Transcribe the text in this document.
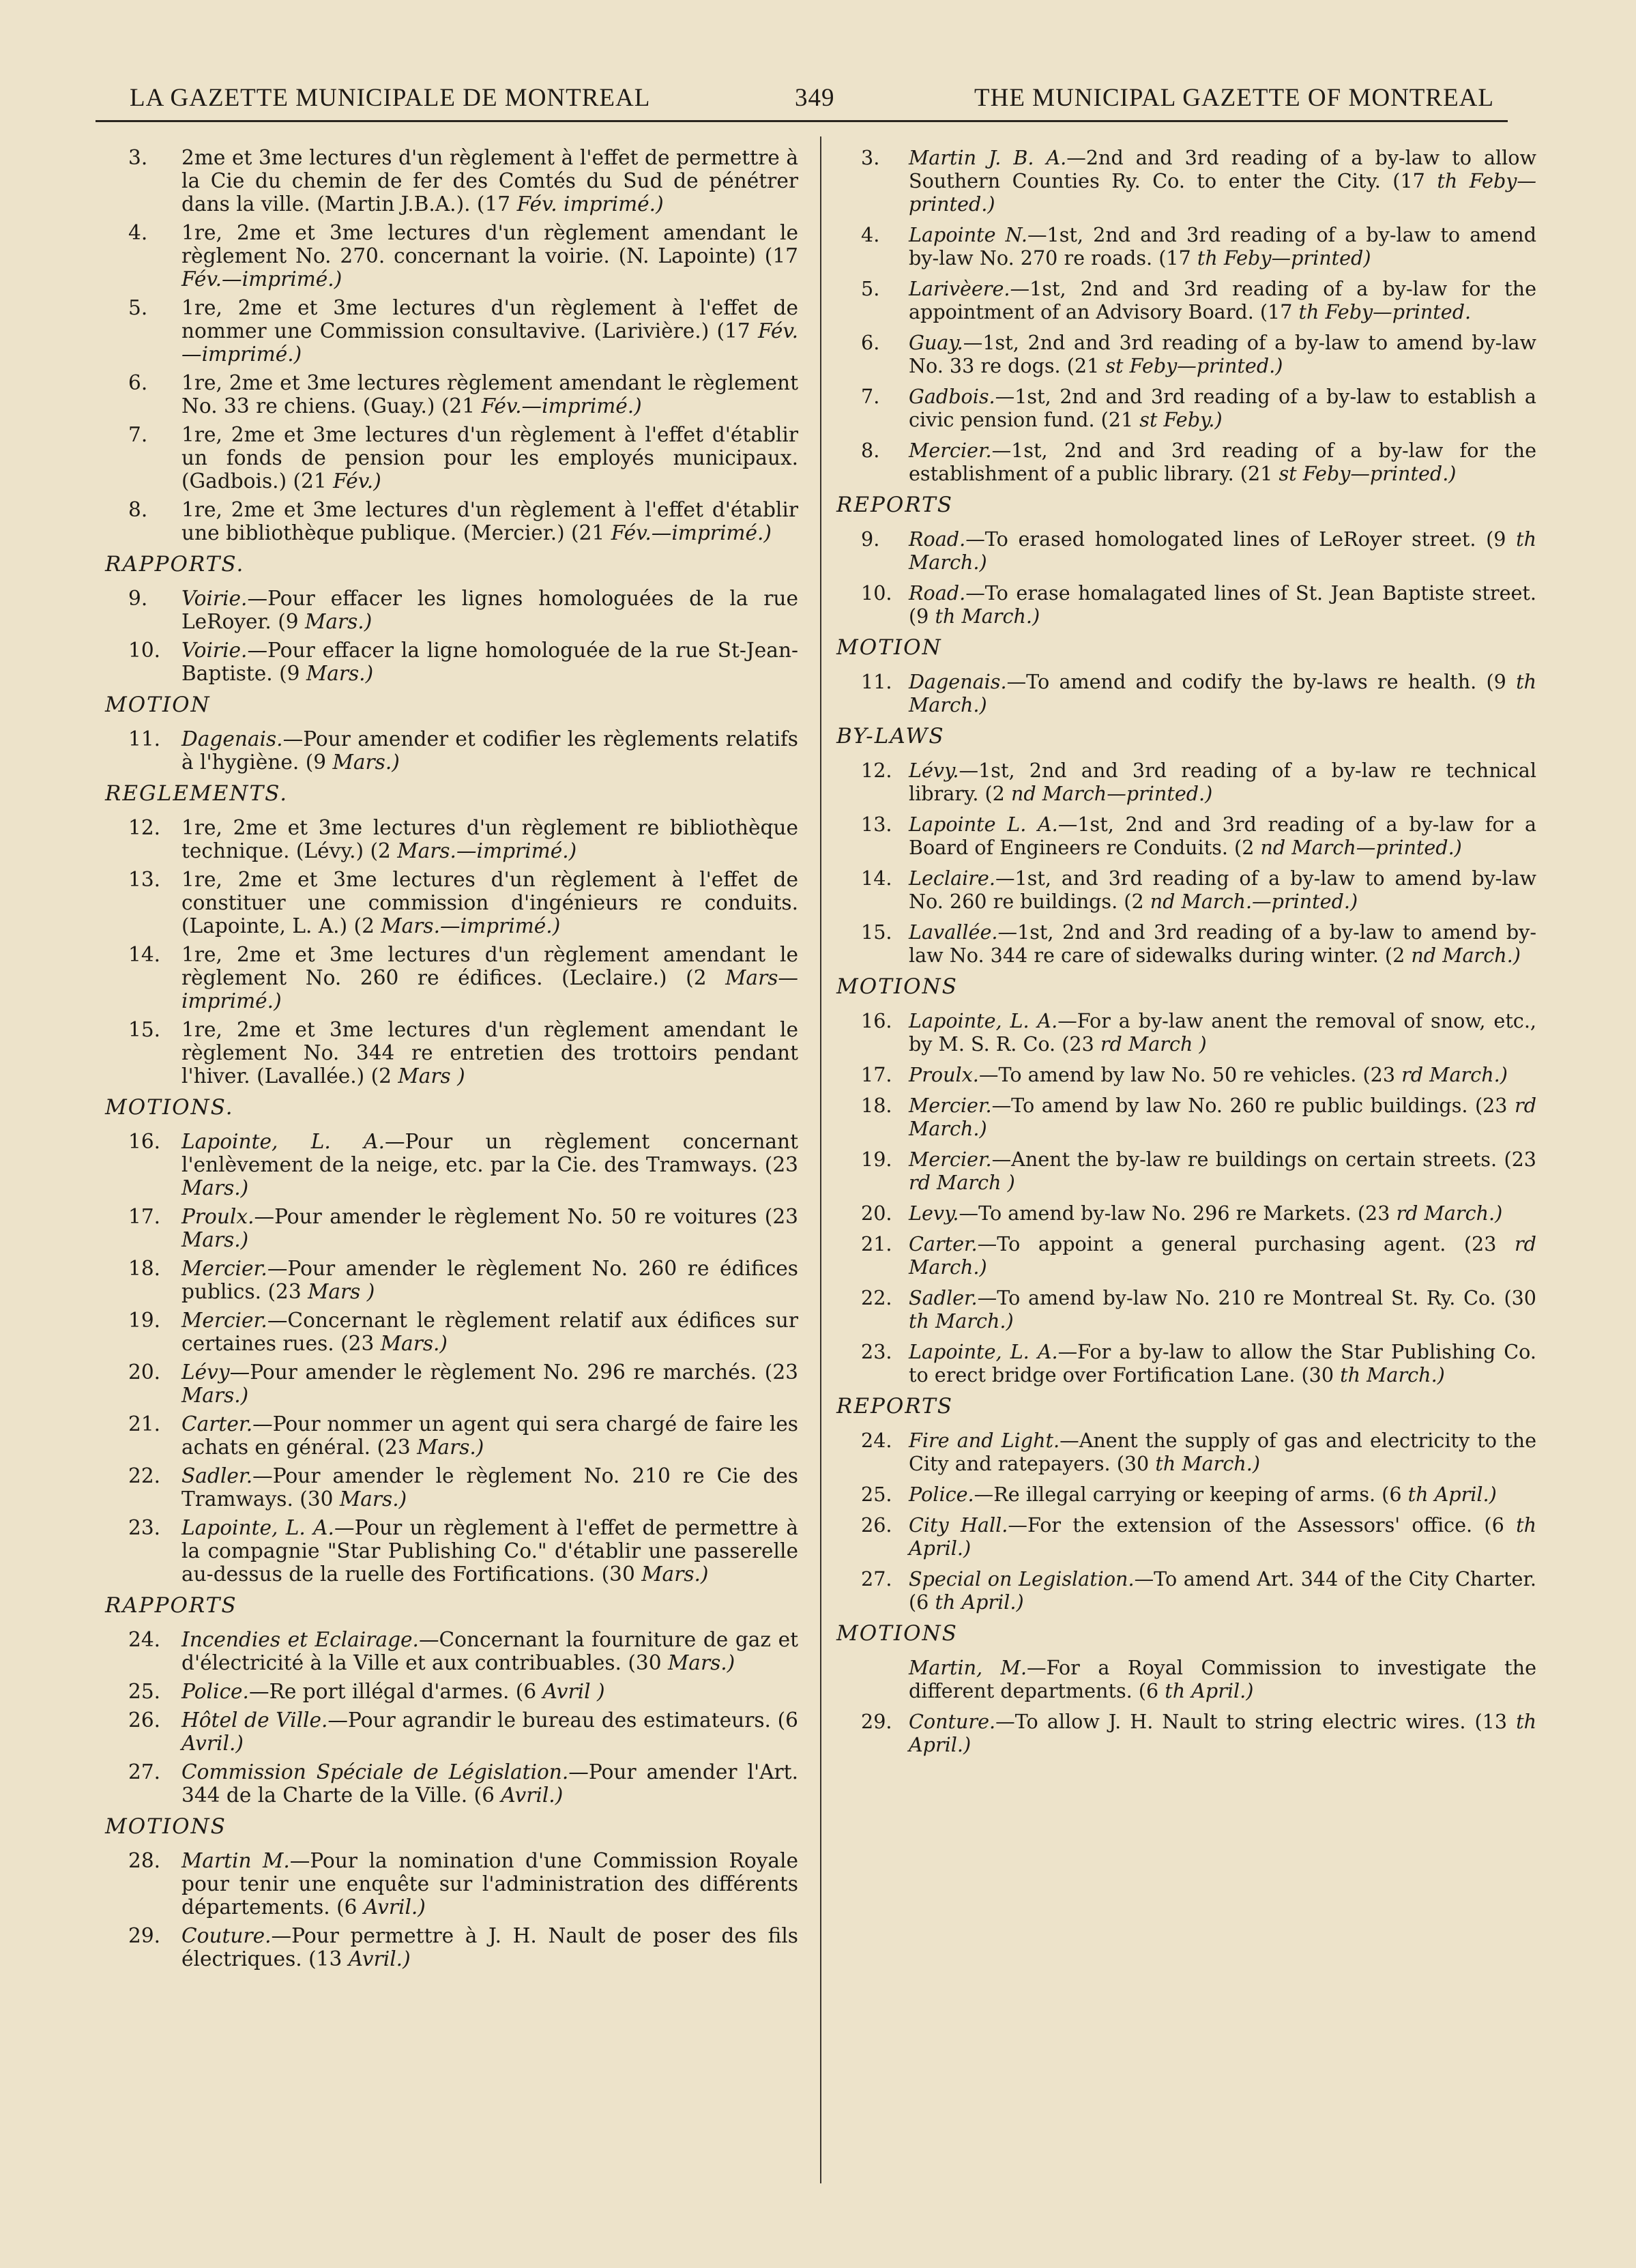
LA GAZETTE MUNICIPALE DE MONTREAL	349	THE MUNICIPAL GAZETTE OF MONTREAL
3. 2me et 3me lectures d'un règlement à l'effet de permettre à la Cie du chemin de fer des Comtés du Sud de pénétrer dans la ville. (Martin J.B.A.). (17 Fév. imprimé.)
4. 1re, 2me et 3me lectures d'un règlement amendant le règlement No. 270. concernant la voirie. (N. Lapointe) (17 Fév.—imprimé.)
5. 1re, 2me et 3me lectures d'un règlement à l'effet de nommer une Commission consultavive. (Larivière.) (17 Fév.—imprimé.)
6. 1re, 2me et 3me lectures règlement amendant le règlement No. 33 re chiens. (Guay.) (21 Fév.—imprimé.)
7. 1re, 2me et 3me lectures d'un règlement à l'effet d'établir un fonds de pension pour les employés municipaux. (Gadbois.) (21 Fév.)
8. 1re, 2me et 3me lectures d'un règlement à l'effet d'établir une bibliothèque publique. (Mercier.) (21 Fév.—imprimé.)
RAPPORTS.
9. Voirie.—Pour effacer les lignes homologuées de la rue LeRoyer. (9 Mars.)
10. Voirie.—Pour effacer la ligne homologuée de la rue St-Jean-Baptiste. (9 Mars.)
MOTION
11. Dagenais.—Pour amender et codifier les règlements relatifs à l'hygiène. (9 Mars.)
REGLEMENTS.
12. 1re, 2me et 3me lectures d'un règlement re bibliothèque technique. (Lévy.) (2 Mars.—imprimé.)
13. 1re, 2me et 3me lectures d'un règlement à l'effet de constituer une commission d'ingénieurs re conduits. (Lapointe, L. A.) (2 Mars.—imprimé.)
14. 1re, 2me et 3me lectures d'un règlement amendant le règlement No. 260 re édifices. (Leclaire.) (2 Mars—imprimé.)
15. 1re, 2me et 3me lectures d'un règlement amendant le règlement No. 344 re entretien des trottoirs pendant l'hiver. (Lavallée.) (2 Mars )
MOTIONS.
16. Lapointe, L. A.—Pour un règlement concernant l'enlèvement de la neige, etc. par la Cie. des Tramways. (23 Mars.)
17. Proulx.—Pour amender le règlement No. 50 re voitures (23 Mars.)
18. Mercier.—Pour amender le règlement No. 260 re édifices publics. (23 Mars )
19. Mercier.—Concernant le règlement relatif aux édifices sur certaines rues. (23 Mars.)
20. Lévy—Pour amender le règlement No. 296 re marchés. (23 Mars.)
21. Carter.—Pour nommer un agent qui sera chargé de faire les achats en général. (23 Mars.)
22. Sadler.—Pour amender le règlement No. 210 re Cie des Tramways. (30 Mars.)
23. Lapointe, L. A.—Pour un règlement à l'effet de permettre à la compagnie "Star Publishing Co." d'établir une passerelle au-dessus de la ruelle des Fortifications. (30 Mars.)
RAPPORTS
24. Incendies et Eclairage.—Concernant la fourniture de gaz et d'électricité à la Ville et aux contribuables. (30 Mars.)
25. Police.—Re port illégal d'armes. (6 Avril )
26. Hôtel de Ville.—Pour agrandir le bureau des estimateurs. (6 Avril.)
27. Commission Spéciale de Législation.—Pour amender l'Art. 344 de la Charte de la Ville. (6 Avril.)
MOTIONS
28. Martin M.—Pour la nomination d'une Commission Royale pour tenir une enquête sur l'administration des différents départements. (6 Avril.)
29. Couture.—Pour permettre à J. H. Nault de poser des fils électriques. (13 Avril.)
3. Martin J. B. A.—2nd and 3rd reading of a by-law to allow Southern Counties Ry. Co. to enter the City. (17 th Feby—printed.)
4. Lapointe N.—1st, 2nd and 3rd reading of a by-law to amend by-law No. 270 re roads. (17 th Feby—printed)
5. Larivèere.—1st, 2nd and 3rd reading of a by-law for the appointment of an Advisory Board. (17 th Feby—printed.
6. Guay.—1st, 2nd and 3rd reading of a by-law to amend by-law No. 33 re dogs. (21 st Feby—printed.)
7. Gadbois.—1st, 2nd and 3rd reading of a by-law to establish a civic pension fund. (21 st Feby.)
8. Mercier.—1st, 2nd and 3rd reading of a by-law for the establishment of a public library. (21 st Feby—printed.)
REPORTS
9. Road.—To erased homologated lines of LeRoyer street. (9 th March.)
10. Road.—To erase homalagated lines of St. Jean Baptiste street. (9 th March.)
MOTION
11. Dagenais.—To amend and codify the by-laws re health. (9 th March.)
BY-LAWS
12. Lévy.—1st, 2nd and 3rd reading of a by-law re technical library. (2 nd March—printed.)
13. Lapointe L. A.—1st, 2nd and 3rd reading of a by-law for a Board of Engineers re Conduits. (2 nd March—printed.)
14. Leclaire.—1st, and 3rd reading of a by-law to amend by-law No. 260 re buildings. (2 nd March.—printed.)
15. Lavallée.—1st, 2nd and 3rd reading of a by-law to amend by-law No. 344 re care of sidewalks during winter. (2 nd March.)
MOTIONS
16. Lapointe, L. A.—For a by-law anent the removal of snow, etc., by M. S. R. Co. (23 rd March )
17. Proulx.—To amend by law No. 50 re vehicles. (23 rd March.)
18. Mercier.—To amend by law No. 260 re public buildings. (23 rd March.)
19. Mercier.—Anent the by-law re buildings on certain streets. (23 rd March )
20. Levy.—To amend by-law No. 296 re Markets. (23 rd March.)
21. Carter.—To appoint a general purchasing agent. (23 rd March.)
22. Sadler.—To amend by-law No. 210 re Montreal St. Ry. Co. (30 th March.)
23. Lapointe, L. A.—For a by-law to allow the Star Publishing Co. to erect bridge over Fortification Lane. (30 th March.)
REPORTS
24. Fire and Light.—Anent the supply of gas and electricity to the City and ratepayers. (30 th March.)
25. Police.—Re illegal carrying or keeping of arms. (6 th April.)
26. City Hall.—For the extension of the Assessors' office. (6 th April.)
27. Special on Legislation.—To amend Art. 344 of the City Charter. (6 th April.)
MOTIONS
Martin, M.—For a Royal Commission to investigate the different departments. (6 th April.)
29. Conture.—To allow J. H. Nault to string electric wires. (13 th April.)
